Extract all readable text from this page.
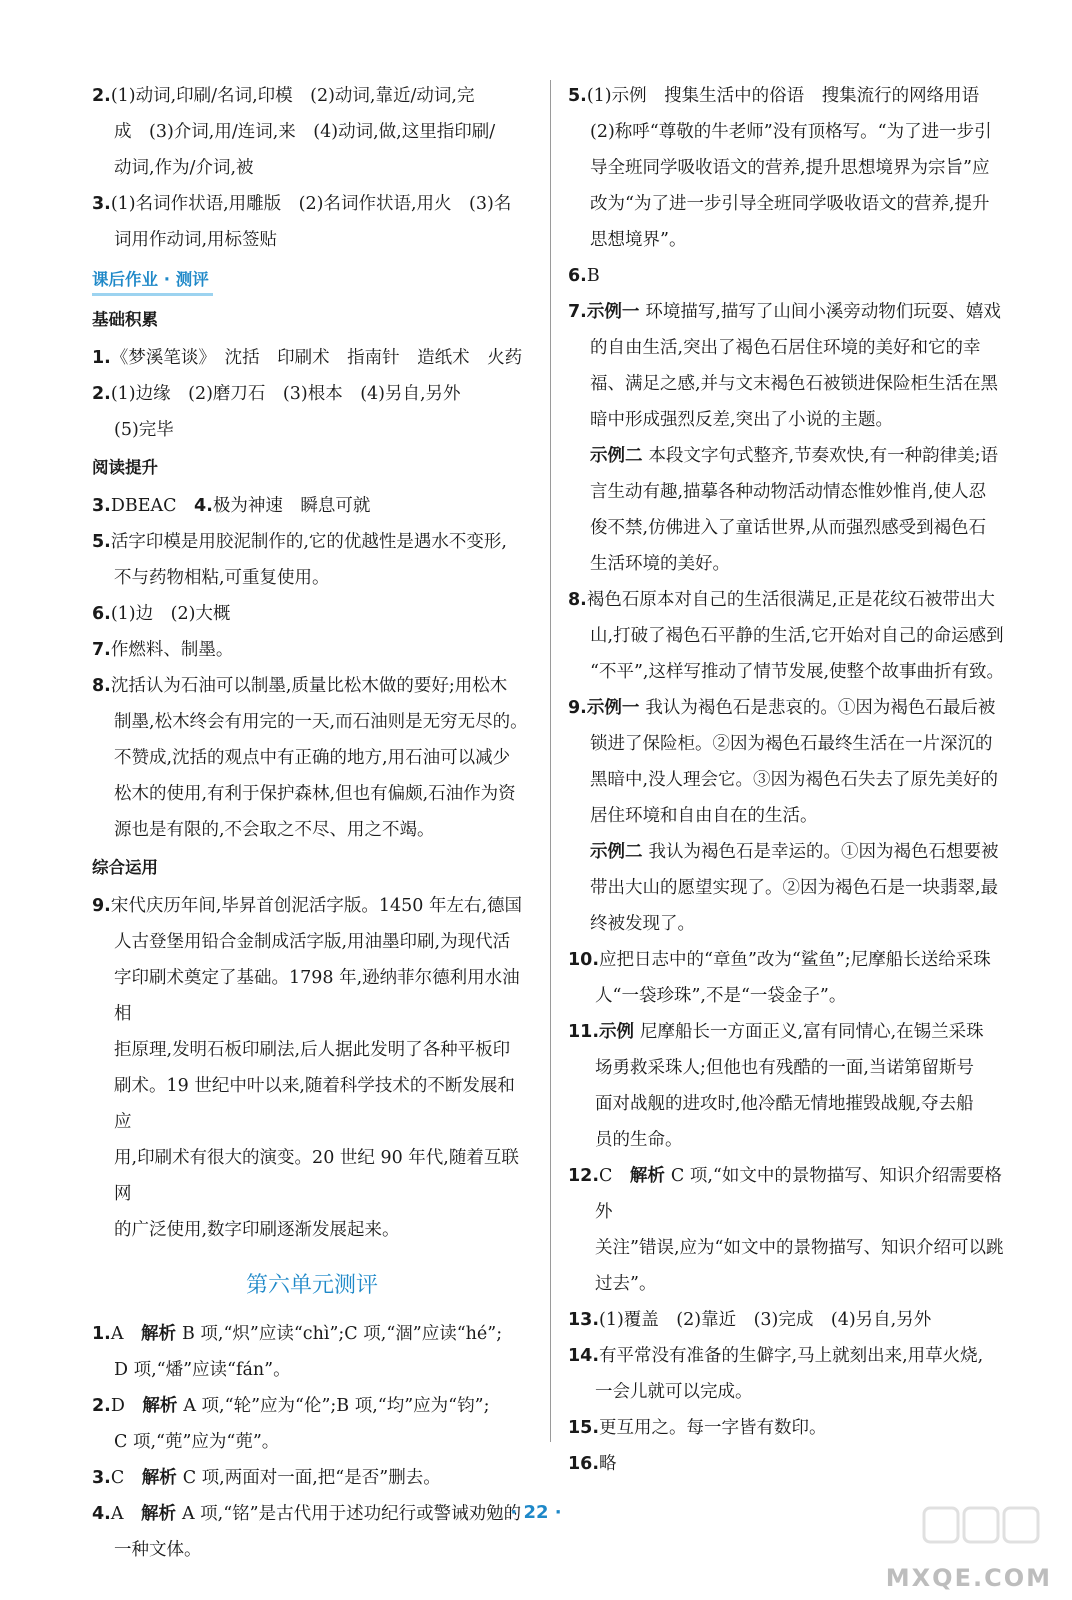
2.(1)动词,印刷/名词,印模　(2)动词,靠近/动词,完
成　(3)介词,用/连词,来　(4)动词,做,这里指印刷/
动词,作为/介词,被
3.(1)名词作状语,用雕版　(2)名词作状语,用火　(3)名
词用作动词,用标签贴
课后作业 · 测评
基础积累
1.《梦溪笔谈》　沈括　印刷术　指南针　造纸术　火药
2.(1)边缘　(2)磨刀石　(3)根本　(4)另自,另外
(5)完毕
阅读提升
3.DBEAC　 4.极为神速　瞬息可就
5.活字印模是用胶泥制作的,它的优越性是遇水不变形,
不与药物相粘,可重复使用。
6.(1)边　(2)大概
7.作燃料、制墨。
8.沈括认为石油可以制墨,质量比松木做的要好;用松木
制墨,松木终会有用完的一天,而石油则是无穷无尽的。
不赞成,沈括的观点中有正确的地方,用石油可以减少
松木的使用,有利于保护森林,但也有偏颇,石油作为资
源也是有限的,不会取之不尽、用之不竭。
综合运用
9.宋代庆历年间,毕昇首创泥活字版。1450 年左右,德国
人古登堡用铅合金制成活字版,用油墨印刷,为现代活
字印刷术奠定了基础。1798 年,逊纳菲尔德利用水油相
拒原理,发明石板印刷法,后人据此发明了各种平板印
刷术。19 世纪中叶以来,随着科学技术的不断发展和应
用,印刷术有很大的演变。20 世纪 90 年代,随着互联网
的广泛使用,数字印刷逐渐发展起来。
第六单元测评
1.A　 解析 B 项,“炽”应读“chì”;C 项,“涸”应读“hé”;
D 项,“燔”应读“fán”。
2.D　 解析 A 项,“轮”应为“伦”;B 项,“均”应为“钧”;
C 项,“蔸”应为“蔸”。
3.C　 解析 C 项,两面对一面,把“是否”删去。
4.A　 解析 A 项,“铭”是古代用于述功纪行或警诫劝勉的
一种文体。
5.(1)示例　搜集生活中的俗语　搜集流行的网络用语
(2)称呼“尊敬的牛老师”没有顶格写。“为了进一步引
导全班同学吸收语文的营养,提升思想境界为宗旨”应
改为“为了进一步引导全班同学吸收语文的营养,提升
思想境界”。
6.B
7.示例一 环境描写,描写了山间小溪旁动物们玩耍、嬉戏
的自由生活,突出了褐色石居住环境的美好和它的幸
福、满足之感,并与文末褐色石被锁进保险柜生活在黑
暗中形成强烈反差,突出了小说的主题。
示例二 本段文字句式整齐,节奏欢快,有一种韵律美;语
言生动有趣,描摹各种动物活动情态惟妙惟肖,使人忍
俊不禁,仿佛进入了童话世界,从而强烈感受到褐色石
生活环境的美好。
8.褐色石原本对自己的生活很满足,正是花纹石被带出大
山,打破了褐色石平静的生活,它开始对自己的命运感到
“不平”,这样写推动了情节发展,使整个故事曲折有致。
9.示例一 我认为褐色石是悲哀的。①因为褐色石最后被
锁进了保险柜。②因为褐色石最终生活在一片深沉的
黑暗中,没人理会它。③因为褐色石失去了原先美好的
居住环境和自由自在的生活。
示例二 我认为褐色石是幸运的。①因为褐色石想要被
带出大山的愿望实现了。②因为褐色石是一块翡翠,最
终被发现了。
10.应把日志中的“章鱼”改为“鲨鱼”;尼摩船长送给采珠
人“一袋珍珠”,不是“一袋金子”。
11.示例 尼摩船长一方面正义,富有同情心,在锡兰采珠
场勇救采珠人;但他也有残酷的一面,当诺第留斯号
面对战舰的进攻时,他冷酷无情地摧毁战舰,夺去船
员的生命。
12.C　 解析 C 项,“如文中的景物描写、知识介绍需要格外
关注”错误,应为“如文中的景物描写、知识介绍可以跳
过去”。
13.(1)覆盖　(2)靠近　(3)完成　(4)另自,另外
14.有平常没有准备的生僻字,马上就刻出来,用草火烧,
一会儿就可以完成。
15.更互用之。每一字皆有数印。
16.略
· 22 ·
MXQE.COM
